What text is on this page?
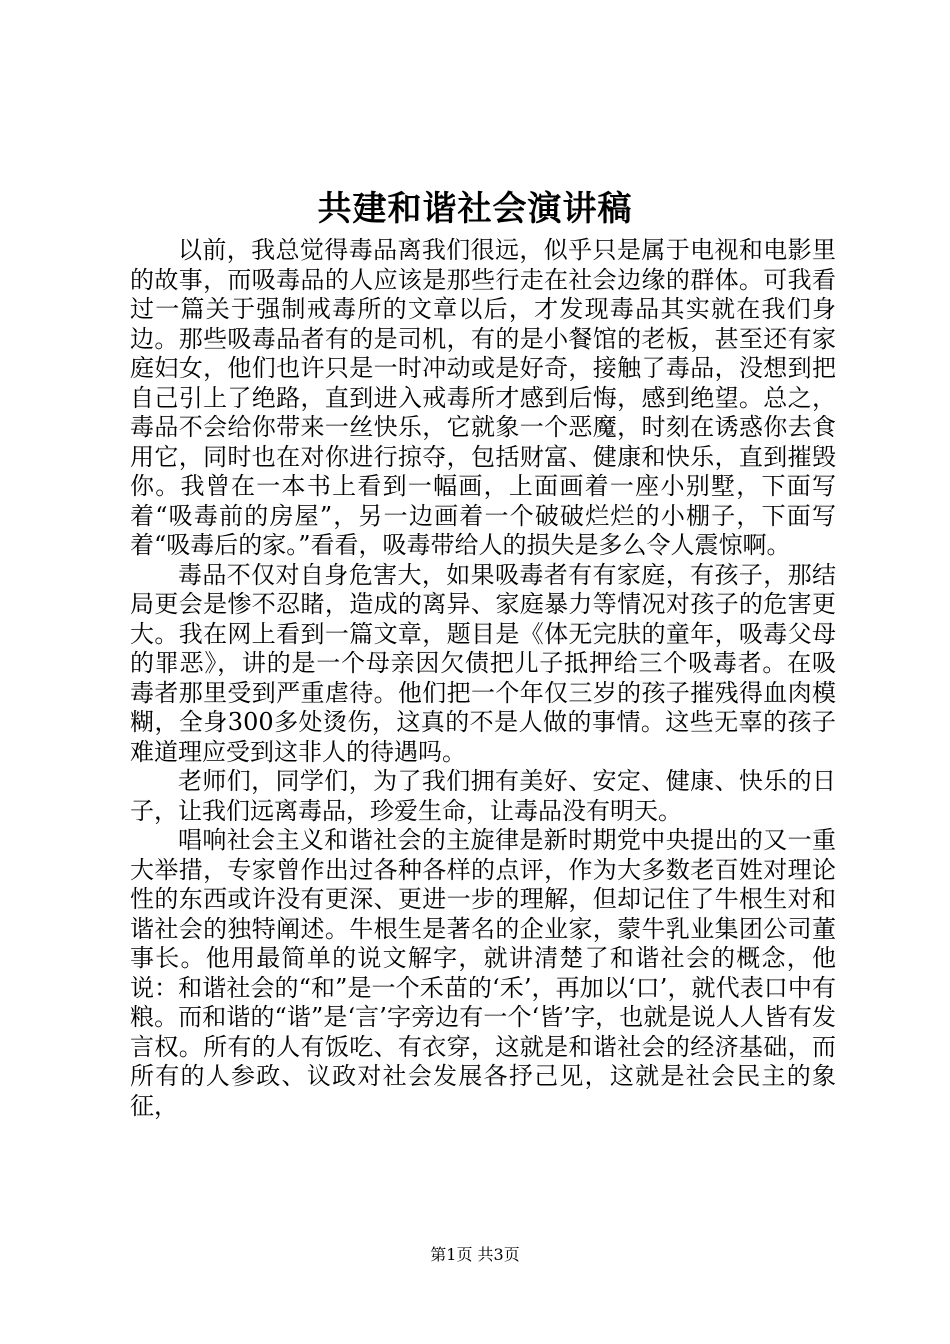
共建和谐社会演讲稿

以前，我总觉得毒品离我们很远，似乎只是属于电视和电影里的故事，而吸毒品的人应该是那些行走在社会边缘的群体。可我看过一篇关于强制戒毒所的文章以后，才发现毒品其实就在我们身边。那些吸毒品者有的是司机，有的是小餐馆的老板，甚至还有家庭妇女，他们也许只是一时冲动或是好奇，接触了毒品，没想到把自己引上了绝路，直到进入戒毒所才感到后悔，感到绝望。总之，毒品不会给你带来一丝快乐，它就象一个恶魔，时刻在诱惑你去食用它，同时也在对你进行掠夺，包括财富、健康和快乐，直到摧毁你。我曾在一本书上看到一幅画，上面画着一座小别墅，下面写着“吸毒前的房屋”，另一边画着一个破破烂烂的小棚子，下面写着“吸毒后的家。”看看，吸毒带给人的损失是多么令人震惊啊。

毒品不仅对自身危害大，如果吸毒者有有家庭，有孩子，那结局更会是惨不忍睹，造成的离异、家庭暴力等情况对孩子的危害更大。我在网上看到一篇文章，题目是《体无完肤的童年，吸毒父母的罪恶》，讲的是一个母亲因欠债把儿子抵押给三个吸毒者。在吸毒者那里受到严重虐待。他们把一个年仅三岁的孩子摧残得血肉模糊，全身300多处烫伤，这真的不是人做的事情。这些无辜的孩子难道理应受到这非人的待遇吗。

老师们，同学们，为了我们拥有美好、安定、健康、快乐的日子，让我们远离毒品，珍爱生命，让毒品没有明天。

唱响社会主义和谐社会的主旋律是新时期党中央提出的又一重大举措，专家曾作出过各种各样的点评，作为大多数老百姓对理论性的东西或许没有更深、更进一步的理解，但却记住了牛根生对和谐社会的独特阐述。牛根生是著名的企业家，蒙牛乳业集团公司董事长。他用最简单的说文解字，就讲清楚了和谐社会的概念，他说：和谐社会的“和”是一个禾苗的‘禾’，再加以‘口’，就代表口中有粮。而和谐的“谐”是‘言’字旁边有一个‘皆’字，也就是说人人皆有发言权。所有的人有饭吃、有衣穿，这就是和谐社会的经济基础，而所有的人参政、议政对社会发展各抒己见，这就是社会民主的象征，

第1页 共3页
